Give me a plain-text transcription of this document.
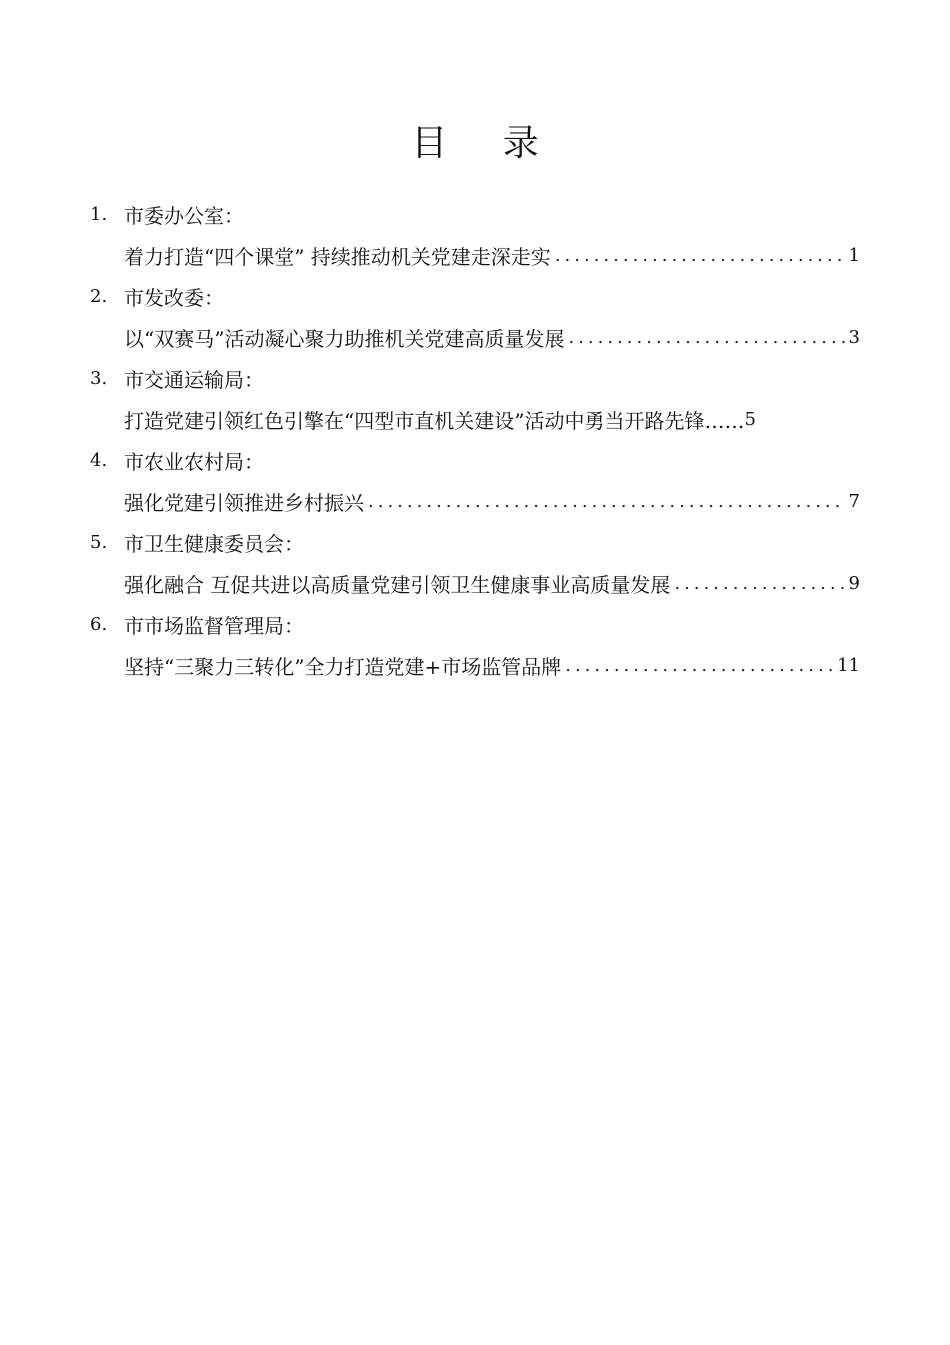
目 录
1. 市委办公室：
着力打造“四个课堂” 持续推动机关党建走深走实 .....	1
2. 市发改委：
以“双赛马”活动凝心聚力助推机关党建高质量发展 .....	3
3. 市交通运输局：
打造党建引领红色引擎在“四型市直机关建设”活动中勇当开路先锋…… 5
4. 市农业农村局：
强化党建引领推进乡村振兴 .....	7
5. 市卫生健康委员会：
强化融合 互促共进以高质量党建引领卫生健康事业高质量发展 .....	9
6. 市市场监督管理局：
坚持“三聚力三转化”全力打造党建+市场监管品牌 .....	11
